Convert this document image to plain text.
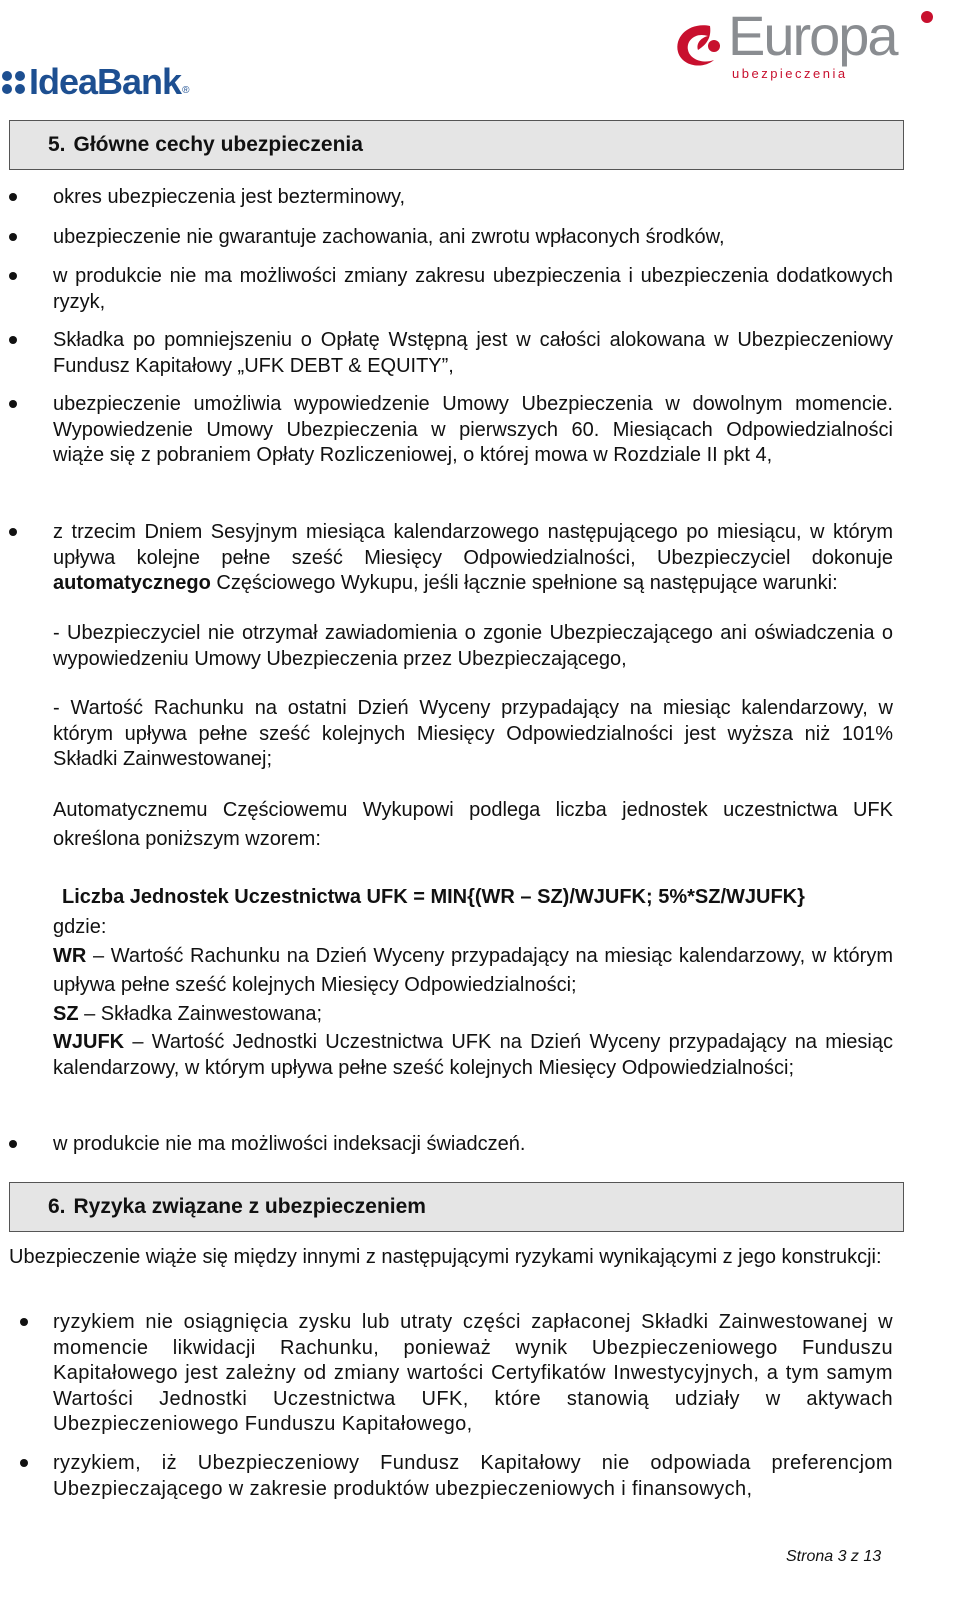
IdeaBank ®
Europa
ubezpieczenia
5. Główne cechy ubezpieczenia
okres ubezpieczenia jest bezterminowy,
ubezpieczenie nie gwarantuje zachowania, ani zwrotu wpłaconych środków,
w produkcie nie ma możliwości zmiany zakresu ubezpieczenia i ubezpieczenia dodatkowych ryzyk,
Składka po pomniejszeniu o Opłatę Wstępną jest w całości alokowana w Ubezpieczeniowy Fundusz Kapitałowy „UFK DEBT & EQUITY”,
ubezpieczenie umożliwia wypowiedzenie Umowy Ubezpieczenia w dowolnym momencie. Wypowiedzenie Umowy Ubezpieczenia w pierwszych 60. Miesiącach Odpowiedzialności wiąże się z pobraniem Opłaty Rozliczeniowej, o której mowa w Rozdziale II pkt 4,
z trzecim Dniem Sesyjnym miesiąca kalendarzowego następującego po miesiącu, w którym upływa kolejne pełne sześć Miesięcy Odpowiedzialności, Ubezpieczyciel dokonuje automatycznego Częściowego Wykupu, jeśli łącznie spełnione są następujące warunki:
- Ubezpieczyciel nie otrzymał zawiadomienia o zgonie Ubezpieczającego ani oświadczenia o wypowiedzeniu Umowy Ubezpieczenia przez Ubezpieczającego,
- Wartość Rachunku na ostatni Dzień Wyceny przypadający na miesiąc kalendarzowy, w którym upływa pełne sześć kolejnych Miesięcy Odpowiedzialności jest wyższa niż 101% Składki Zainwestowanej;
Automatycznemu Częściowemu Wykupowi podlega liczba jednostek uczestnictwa UFK określona poniższym wzorem:
Liczba Jednostek Uczestnictwa UFK = MIN{(WR – SZ)/WJUFK; 5%*SZ/WJUFK}
gdzie:
WR – Wartość Rachunku na Dzień Wyceny przypadający na miesiąc kalendarzowy, w którym upływa pełne sześć kolejnych Miesięcy Odpowiedzialności;
SZ – Składka Zainwestowana;
WJUFK – Wartość Jednostki Uczestnictwa UFK na Dzień Wyceny przypadający na miesiąc kalendarzowy, w którym upływa pełne sześć kolejnych Miesięcy Odpowiedzialności;
w produkcie nie ma możliwości indeksacji świadczeń.
6. Ryzyka związane z ubezpieczeniem
Ubezpieczenie wiąże się między innymi z następującymi ryzykami wynikającymi z jego konstrukcji:
ryzykiem nie osiągnięcia zysku lub utraty części zapłaconej Składki Zainwestowanej w momencie likwidacji Rachunku, ponieważ wynik Ubezpieczeniowego Funduszu Kapitałowego jest zależny od zmiany wartości Certyfikatów Inwestycyjnych, a tym samym Wartości Jednostki Uczestnictwa UFK, które stanowią udziały w aktywach Ubezpieczeniowego Funduszu Kapitałowego,
ryzykiem, iż Ubezpieczeniowy Fundusz Kapitałowy nie odpowiada preferencjom Ubezpieczającego w zakresie produktów ubezpieczeniowych i finansowych,
Strona 3 z 13
